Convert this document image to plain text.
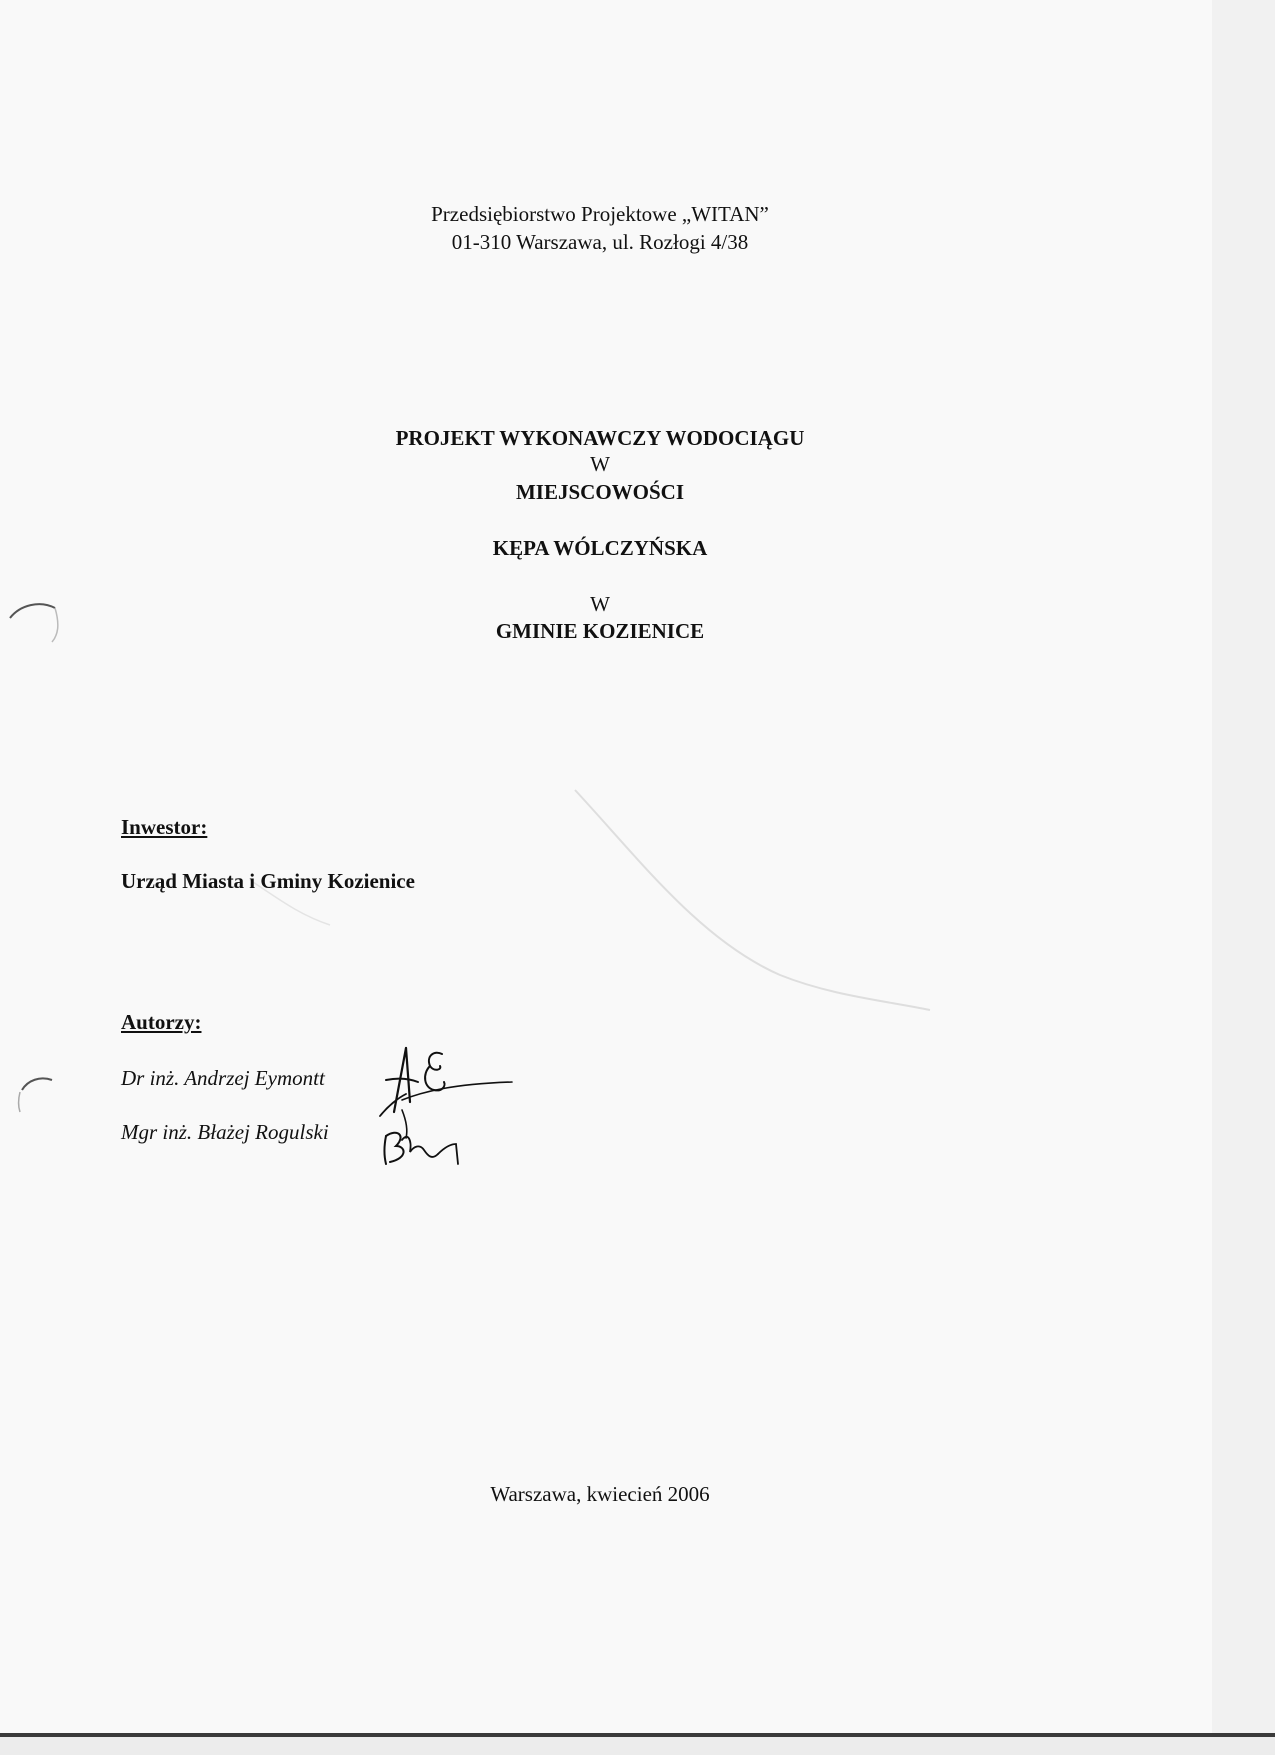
Przedsiębiorstwo Projektowe „WITAN”
01-310 Warszawa, ul. Rozłogi 4/38
PROJEKT WYKONAWCZY WODOCIĄGU
W
MIEJSCOWOŚCI
KĘPA WÓLCZYŃSKA
W
GMINIE KOZIENICE
Inwestor:
Urząd Miasta i Gminy Kozienice
Autorzy:
Dr inż. Andrzej Eymontt
Mgr inż. Błażej Rogulski
Warszawa, kwiecień 2006
